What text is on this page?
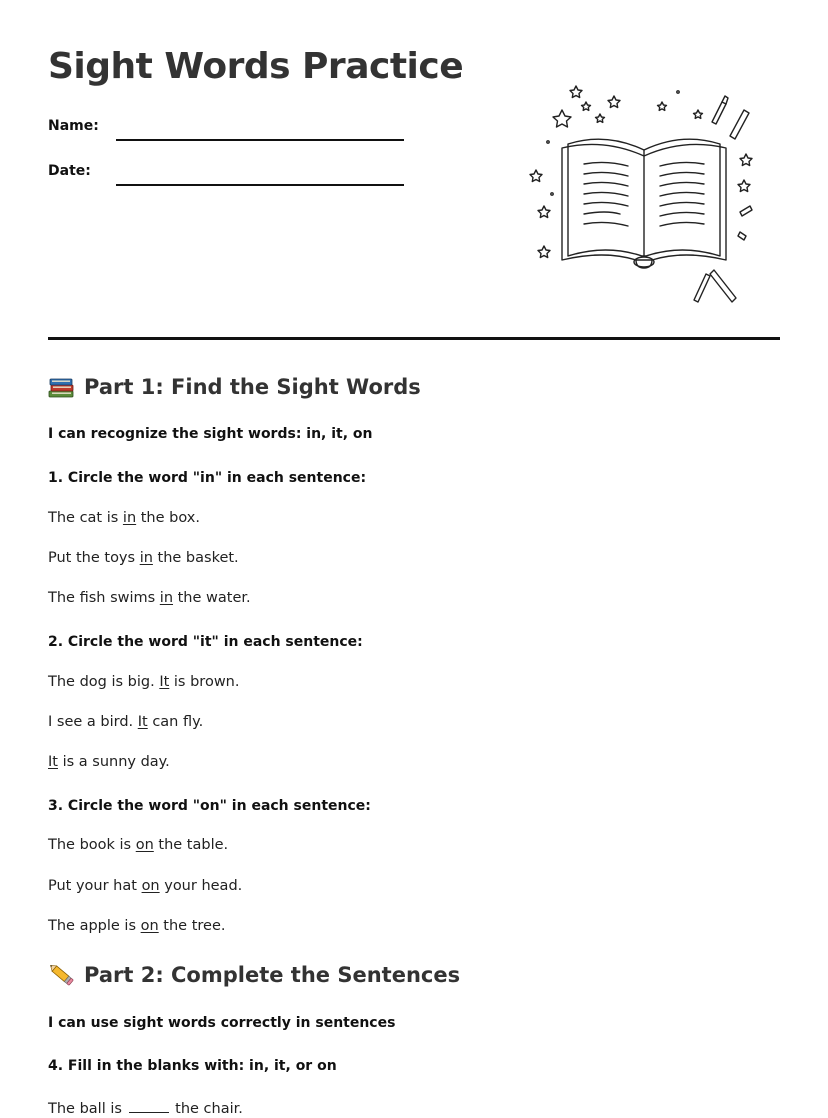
Sight Words Practice
Name:
Date:
Part 1: Find the Sight Words

I can recognize the sight words: in, it, on

1. Circle the word "in" in each sentence:

The cat is in the box.

Put the toys in the basket.

The fish swims in the water.

2. Circle the word "it" in each sentence:

The dog is big. It is brown.

I see a bird. It can fly.

It is a sunny day.

3. Circle the word "on" in each sentence:

The book is on the table.

Put your hat on your head.

The apple is on the tree.

Part 2: Complete the Sentences

I can use sight words correctly in sentences

4. Fill in the blanks with: in, it, or on

The ball is	the chair.
